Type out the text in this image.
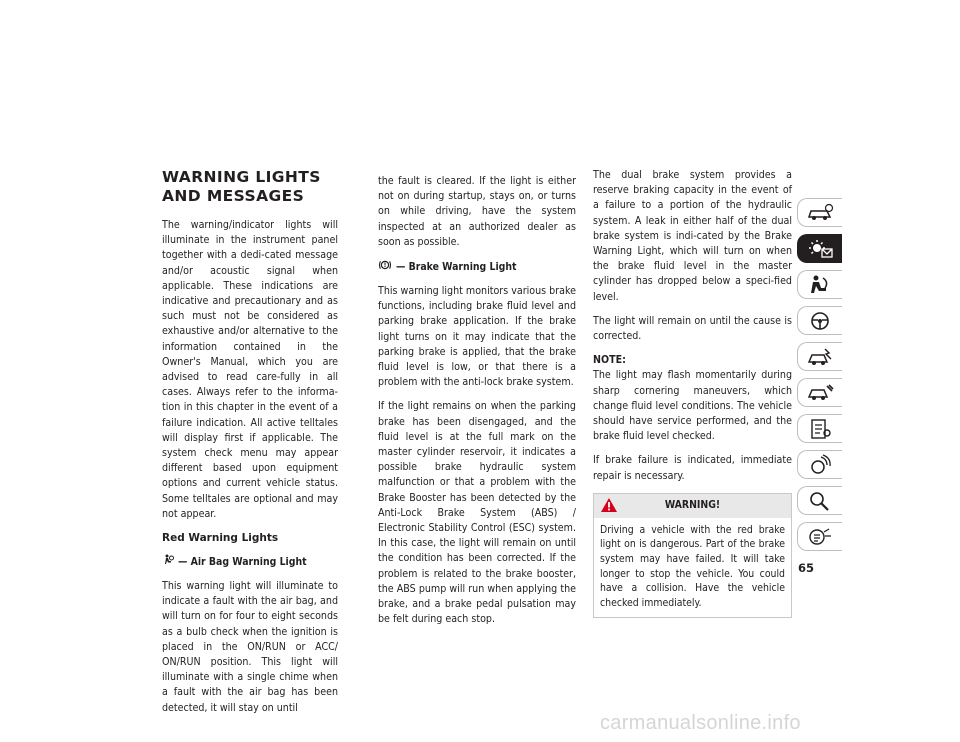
WARNING LIGHTS AND MESSAGES

The warning/indicator lights will illuminate in the instrument panel together with a dedi-cated message and/or acoustic signal when applicable. These indications are indicative and precautionary and as such must not be considered as exhaustive and/or alternative to the information contained in the Owner's Manual, which you are advised to read care-fully in all cases. Always refer to the informa-tion in this chapter in the event of a failure indication. All active telltales will display first if applicable. The system check menu may appear different based upon equipment options and current vehicle status. Some telltales are optional and may not appear.

Red Warning Lights
— Air Bag Warning Light

This warning light will illuminate to indicate a fault with the air bag, and will turn on for four to eight seconds as a bulb check when the ignition is placed in the ON/RUN or ACC/ ON/RUN position. This light will illuminate with a single chime when a fault with the air bag has been detected, it will stay on until

the fault is cleared. If the light is either not on during startup, stays on, or turns on while driving, have the system inspected at an authorized dealer as soon as possible.

! — Brake Warning Light

This warning light monitors various brake functions, including brake fluid level and parking brake application. If the brake light turns on it may indicate that the parking brake is applied, that the brake fluid level is low, or that there is a problem with the anti-lock brake system.

If the light remains on when the parking brake has been disengaged, and the fluid level is at the full mark on the master cylinder reservoir, it indicates a possible brake hydraulic system malfunction or that a problem with the Brake Booster has been detected by the Anti-Lock Brake System (ABS) / Electronic Stability Control (ESC) system. In this case, the light will remain on until the condition has been corrected. If the problem is related to the brake booster, the ABS pump will run when applying the brake, and a brake pedal pulsation may be felt during each stop.

The dual brake system provides a reserve braking capacity in the event of a failure to a portion of the hydraulic system. A leak in either half of the dual brake system is indi-cated by the Brake Warning Light, which will turn on when the brake fluid level in the master cylinder has dropped below a speci-fied level.

The light will remain on until the cause is corrected.

NOTE:
The light may flash momentarily during sharp cornering maneuvers, which change fluid level conditions. The vehicle should have service performed, and the brake fluid level checked.

If brake failure is indicated, immediate repair is necessary.

WARNING!
Driving a vehicle with the red brake light on is dangerous. Part of the brake system may have failed. It will take longer to stop the vehicle. You could have a collision. Have the vehicle checked immediately.
65
carmanualsonline.info
